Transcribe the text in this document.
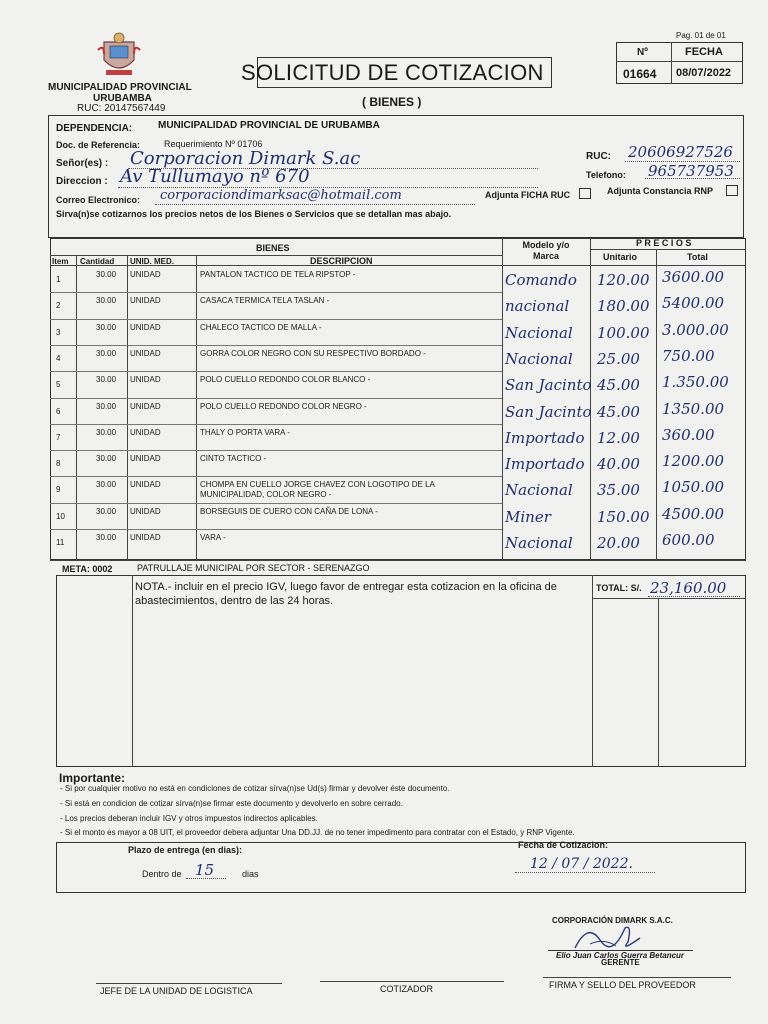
Pag. 01 de 01
MUNICIPALIDAD PROVINCIAL
URUBAMBA
RUC: 20147567449
SOLICITUD DE COTIZACION
( BIENES )
Nº	FECHA
01664 08/07/2022
DEPENDENCIA:	MUNICIPALIDAD PROVINCIAL DE URUBAMBA
Doc. de Referencia:	Requerimiento Nº 01706
Señor(es) : Corporacion Dimark S.ac
Direccion : Av Tullumayo nº 670
Correo Electronico: corporaciondimarksac@hotmail.com
RUC: 20606927526
Telefono: 965737953
Adjunta FICHA RUC	Adjunta Constancia RNP
Sirva(n)se cotizarnos los precios netos de los Bienes o Servicios que se detallan mas abajo.
BIENES	Modelo y/o Marca
P R E C I O S
Item Cantidad UNID. MED.	DESCRIPCION	Unitario	Total
1
30.00 UNIDAD	PANTALON TACTICO DE TELA RIPSTOP -	Comando 120.00 3600.00
2
30.00 UNIDAD	CASACA TERMICA TELA TASLAN -	nacional 180.00 5400.00
3
30.00 UNIDAD	CHALECO TACTICO DE MALLA -	Nacional 100.00 3.000.00
4
30.00 UNIDAD	GORRA COLOR NEGRO CON SU RESPECTIVO BORDADO -	Nacional 25.00 750.00
5
30.00 UNIDAD	POLO CUELLO REDONDO COLOR BLANCO -	San Jacinto 45.00 1.350.00
6
30.00 UNIDAD	POLO CUELLO REDONDO COLOR NEGRO -	San Jacinto 45.00 1350.00
7
30.00 UNIDAD	THALY O PORTA VARA -	Importado 12.00 360.00
8
30.00 UNIDAD	CINTO TACTICO -	Importado 40.00 1200.00
9
30.00 UNIDAD	CHOMPA EN CUELLO JORGE CHAVEZ CON LOGOTIPO DE LA MUNICIPALIDAD, COLOR NEGRO -	Nacional 35.00 1050.00
10
30.00 UNIDAD	BORSEGUIS DE CUERO CON CAÑA DE LONA -	Miner	150.00 4500.00
11
30.00 UNIDAD	VARA -	Nacional 20.00 600.00
META: 0002	PATRULLAJE MUNICIPAL POR SECTOR - SERENAZGO
NOTA.- incluir en el precio IGV, luego favor de entregar esta cotizacion en la oficina de abastecimientos, dentro de las 24 horas.
TOTAL: S/. 23,160.00
Importante:
- Si por cualquier motivo no está en condiciones de cotizar sírva(n)se Ud(s) firmar y devolver éste documento.
- Si está en condicion de cotizar sírva(n)se firmar este documento y devolverlo en sobre cerrado.
- Los precios deberan incluir IGV y otros impuestos indirectos aplicables.
- Si el monto es mayor a 08 UIT, el proveedor debera adjuntar Una DD.JJ. de no tener impedimento para contratar con el Estado, y RNP Vigente.
Plazo de entrega (en dias):
Dentro de 15	dias
Fecha de Cotizacion:
12 / 07 / 2022.
CORPORACIÓN DIMARK S.A.C.
Elio Juan Carlos Guerra Betancur
GERENTE
JEFE DE LA UNIDAD DE LOGISTICA	COTIZADOR	FIRMA Y SELLO DEL PROVEEDOR
